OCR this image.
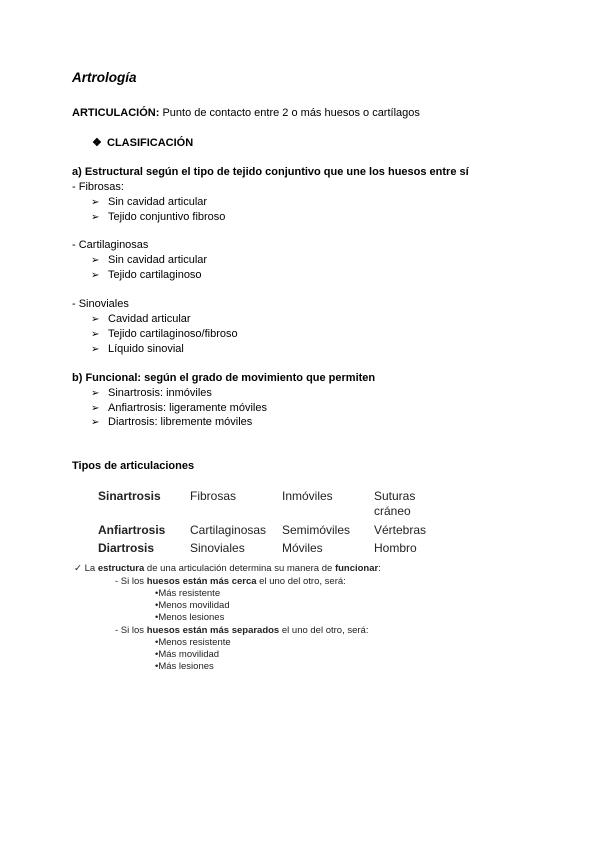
Artrología
ARTICULACIÓN: Punto de contacto entre 2 o más huesos o cartílagos
❖ CLASIFICACIÓN
a) Estructural según el tipo de tejido conjuntivo que une los huesos entre sí
- Fibrosas:
➢ Sin cavidad articular
➢ Tejido conjuntivo fibroso
- Cartilaginosas
➢ Sin cavidad articular
➢ Tejido cartilaginoso
- Sinoviales
➢ Cavidad articular
➢ Tejido cartilaginoso/fibroso
➢ Líquido sinovial
b) Funcional: según el grado de movimiento que permiten
➢ Sinartrosis: inmóviles
➢ Anfiartrosis: ligeramente móviles
➢ Diartrosis: libremente móviles
Tipos de articulaciones
Sinartrosis Fibrosas	Inmóviles	Suturas
cráneo
Anfiartrosis Cartilaginosas Semimóviles Vértebras
Diartrosis	Sinoviales	Móviles	Hombro
✓ La estructura de una articulación determina su manera de funcionar:
- Si los huesos están más cerca el uno del otro, será:
•Más resistente
•Menos movilidad
•Menos lesiones
- Si los huesos están más separados el uno del otro, será:
•Menos resistente
•Más movilidad
•Más lesiones
